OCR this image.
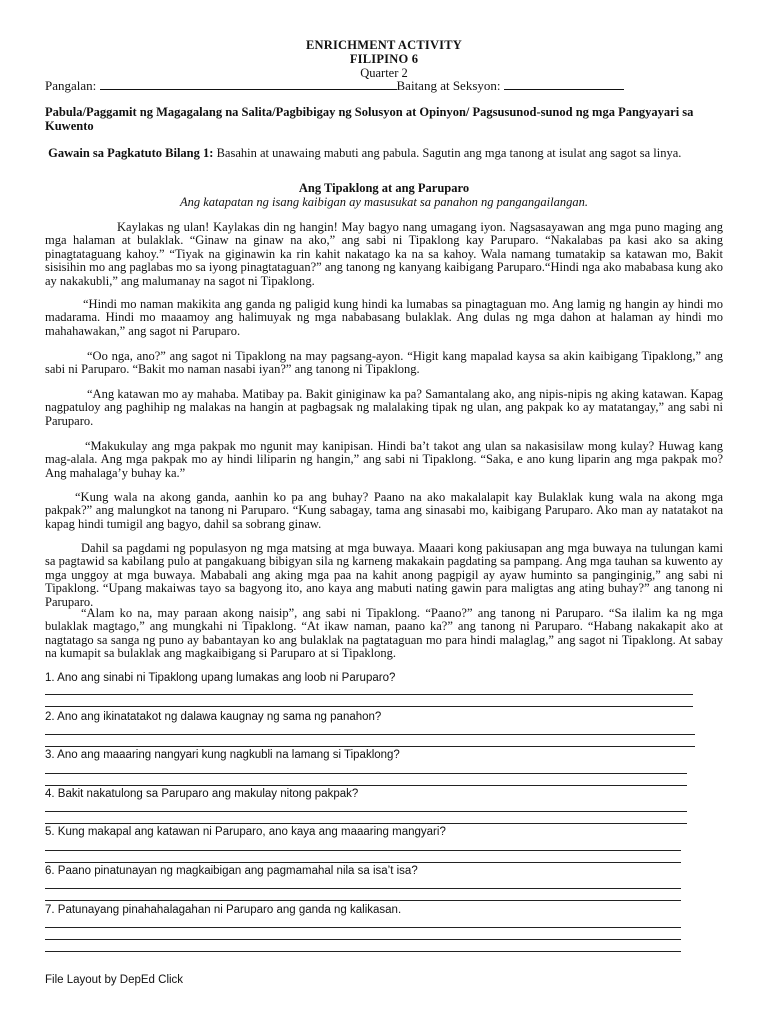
ENRICHMENT ACTIVITY
FILIPINO 6
Quarter 2
Pangalan:	Baitang at Seksyon:
Pabula/Paggamit ng Magagalang na Salita/Pagbibigay ng Solusyon at Opinyon/ Pagsusunod-sunod ng mga Pangyayari sa Kuwento
Gawain sa Pagkatuto Bilang 1: Basahin at unawaing mabuti ang pabula. Sagutin ang mga tanong at isulat ang sagot sa linya.
Ang Tipaklong at ang Paruparo
Ang katapatan ng isang kaibigan ay masusukat sa panahon ng pangangailangan.
Kaylakas ng ulan! Kaylakas din ng hangin! May bagyo nang umagang iyon. Nagsasayawan ang mga puno maging ang mga halaman at bulaklak. “Ginaw na ginaw na ako,” ang sabi ni Tipaklong kay Paruparo. “Nakalabas pa kasi ako sa aking pinagtataguang kahoy.” “Tiyak na giginawin ka rin kahit nakatago ka na sa kahoy. Wala namang tumatakip sa katawan mo, Bakit sisisihin mo ang paglabas mo sa iyong pinagtataguan?” ang tanong ng kanyang kaibigang Paruparo.“Hindi nga ako mababasa kung ako ay nakakubli,” ang malumanay na sagot ni Tipaklong.
“Hindi mo naman makikita ang ganda ng paligid kung hindi ka lumabas sa pinagtaguan mo. Ang lamig ng hangin ay hindi mo madarama. Hindi mo maaamoy ang halimuyak ng mga nababasang bulaklak. Ang dulas ng mga dahon at halaman ay hindi mo mahahawakan,” ang sagot ni Paruparo.
“Oo nga, ano?” ang sagot ni Tipaklong na may pagsang-ayon. “Higit kang mapalad kaysa sa akin kaibigang Tipaklong,” ang sabi ni Paruparo. “Bakit mo naman nasabi iyan?” ang tanong ni Tipaklong.
“Ang katawan mo ay mahaba. Matibay pa. Bakit giniginaw ka pa? Samantalang ako, ang nipis-nipis ng aking katawan. Kapag nagpatuloy ang paghihip ng malakas na hangin at pagbagsak ng malalaking tipak ng ulan, ang pakpak ko ay matatangay,” ang sabi ni Paruparo.
“Makukulay ang mga pakpak mo ngunit may kanipisan. Hindi ba’t takot ang ulan sa nakasisilaw mong kulay? Huwag kang mag-alala. Ang mga pakpak mo ay hindi liliparin ng hangin,” ang sabi ni Tipaklong. “Saka, e ano kung liparin ang mga pakpak mo? Ang mahalaga’y buhay ka.”
“Kung wala na akong ganda, aanhin ko pa ang buhay? Paano na ako makalalapit kay Bulaklak kung wala na akong mga pakpak?” ang malungkot na tanong ni Paruparo. “Kung sabagay, tama ang sinasabi mo, kaibigang Paruparo. Ako man ay natatakot na kapag hindi tumigil ang bagyo, dahil sa sobrang ginaw.
Dahil sa pagdami ng populasyon ng mga matsing at mga buwaya. Maaari kong pakiusapan ang mga buwaya na tulungan kami sa pagtawid sa kabilang pulo at pangakuang bibigyan sila ng karneng makakain pagdating sa pampang. Ang mga tauhan sa kuwento ay mga unggoy at mga buwaya. Mababali ang aking mga paa na kahit anong pagpigil ay ayaw huminto sa panginginig,” ang sabi ni Tipaklong. “Upang makaiwas tayo sa bagyong ito, ano kaya ang mabuti nating gawin para maligtas ang ating buhay?” ang tanong ni Paruparo.
“Alam ko na, may paraan akong naisip”, ang sabi ni Tipaklong. “Paano?” ang tanong ni Paruparo. “Sa ilalim ka ng mga bulaklak magtago,” ang mungkahi ni Tipaklong. “At ikaw naman, paano ka?” ang tanong ni Paruparo. “Habang nakakapit ako at nagtatago sa sanga ng puno ay babantayan ko ang bulaklak na pagtataguan mo para hindi malaglag,” ang sagot ni Tipaklong. At sabay na kumapit sa bulaklak ang magkaibigang si Paruparo at si Tipaklong.
1. Ano ang sinabi ni Tipaklong upang lumakas ang loob ni Paruparo?
2. Ano ang ikinatatakot ng dalawa kaugnay ng sama ng panahon?
3. Ano ang maaaring nangyari kung nagkubli na lamang si Tipaklong?
4. Bakit nakatulong sa Paruparo ang makulay nitong pakpak?
5. Kung makapal ang katawan ni Paruparo, ano kaya ang maaaring mangyari?
6. Paano pinatunayan ng magkaibigan ang pagmamahal nila sa isa’t isa?
7. Patunayang pinahahalagahan ni Paruparo ang ganda ng kalikasan.
File Layout by DepEd Click
